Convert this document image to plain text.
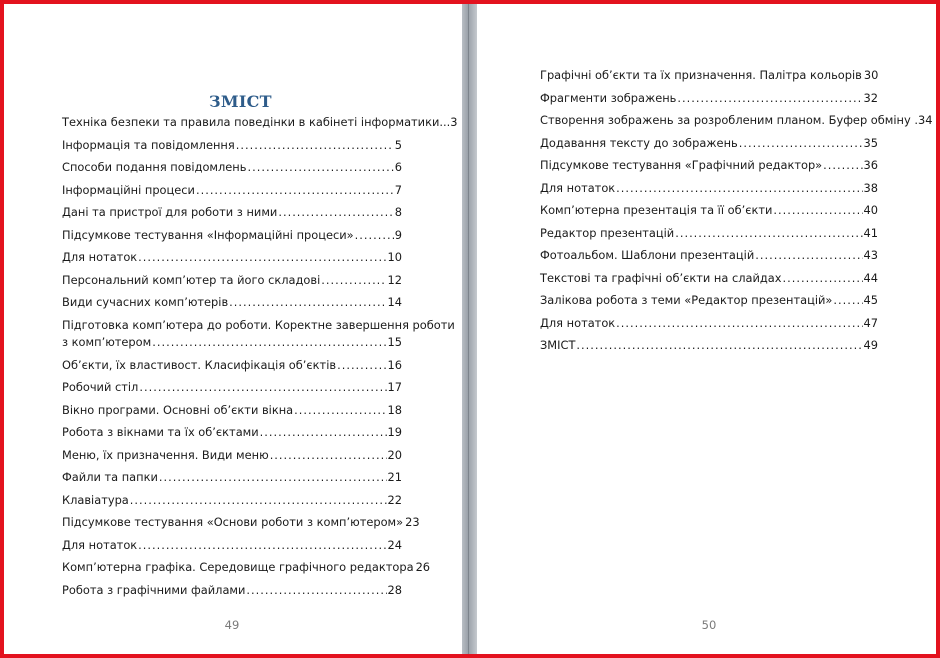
ЗМІСТ
Техніка безпеки та правила поведінки в кабінеті інформатики... 3
Інформація та повідомлення .....	5
Способи подання повідомлень .....	6
Інформаційні процеси .....	7
Дані та пристрої для роботи з ними .....	8
Підсумкове тестування «Інформаційні процеси» .....	9
Для нотаток .....	10
Персональний комп’ютер та його складові .....	12
Види сучасних комп’ютерів .....	14
Підготовка комп’ютера до роботи. Коректне завершення роботи
з комп’ютером .....	15
Об’єкти, їх властивост. Класифікація об’єктів .....	16
Робочий стіл .....	17
Вікно програми. Основні об’єкти вікна .....	18
Робота з вікнами та їх об’єктами .....	19
Меню, їх призначення. Види меню .....	20
Файли та папки .....	21
Клавіатура .....	22
Підсумкове тестування «Основи роботи з комп’ютером» 23
Для нотаток .....	24
Комп’ютерна графіка. Середовище графічного редактора 26
Робота з графічними файлами .....	28
49
Графічні об’єкти та їх призначення. Палітра кольорів 30
Фрагменти зображень .....	32
Створення зображень за розробленим планом. Буфер обміну . 34
Додавання тексту до зображень .....	35
Підсумкове тестування «Графічний редактор» .....	36
Для нотаток .....	38
Комп’ютерна презентація та її об’єкти .....	40
Редактор презентацій .....	41
Фотоальбом. Шаблони презентацій .....	43
Текстові та графічні об’єкти на слайдах .....	44
Залікова робота з теми «Редактор презентацій» .....	45
Для нотаток .....	47
ЗМІСТ .....	49
50
